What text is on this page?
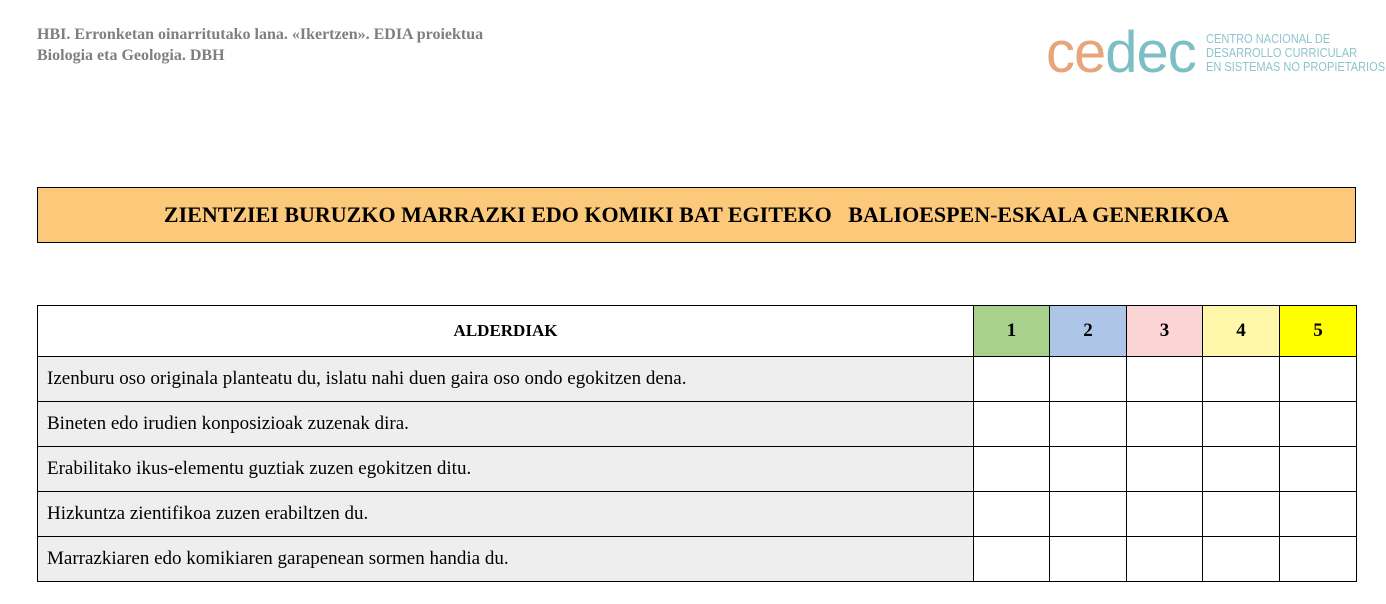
HBI. Erronketan oinarritutako lana. «Ikertzen». EDIA proiektua
Biologia eta Geologia. DBH	c e d e c CENTRO NACIONAL DE
DESARROLLO CURRICULAR
EN SISTEMAS NO PROPIETARIOS
ZIENTZIEI BURUZKO MARRAZKI EDO KOMIKI BAT EGITEKO   BALIOESPEN-ESKALA GENERIKOA
ALDERDIAK	1	2	3	4	5
Izenburu oso originala planteatu du, islatu nahi duen gaira oso ondo egokitzen dena.					
Bineten edo irudien konposizioak zuzenak dira.					
Erabilitako ikus-elementu guztiak zuzen egokitzen ditu.					
Hizkuntza zientifikoa zuzen erabiltzen du.					
Marrazkiaren edo komikiaren garapenean sormen handia du.					
